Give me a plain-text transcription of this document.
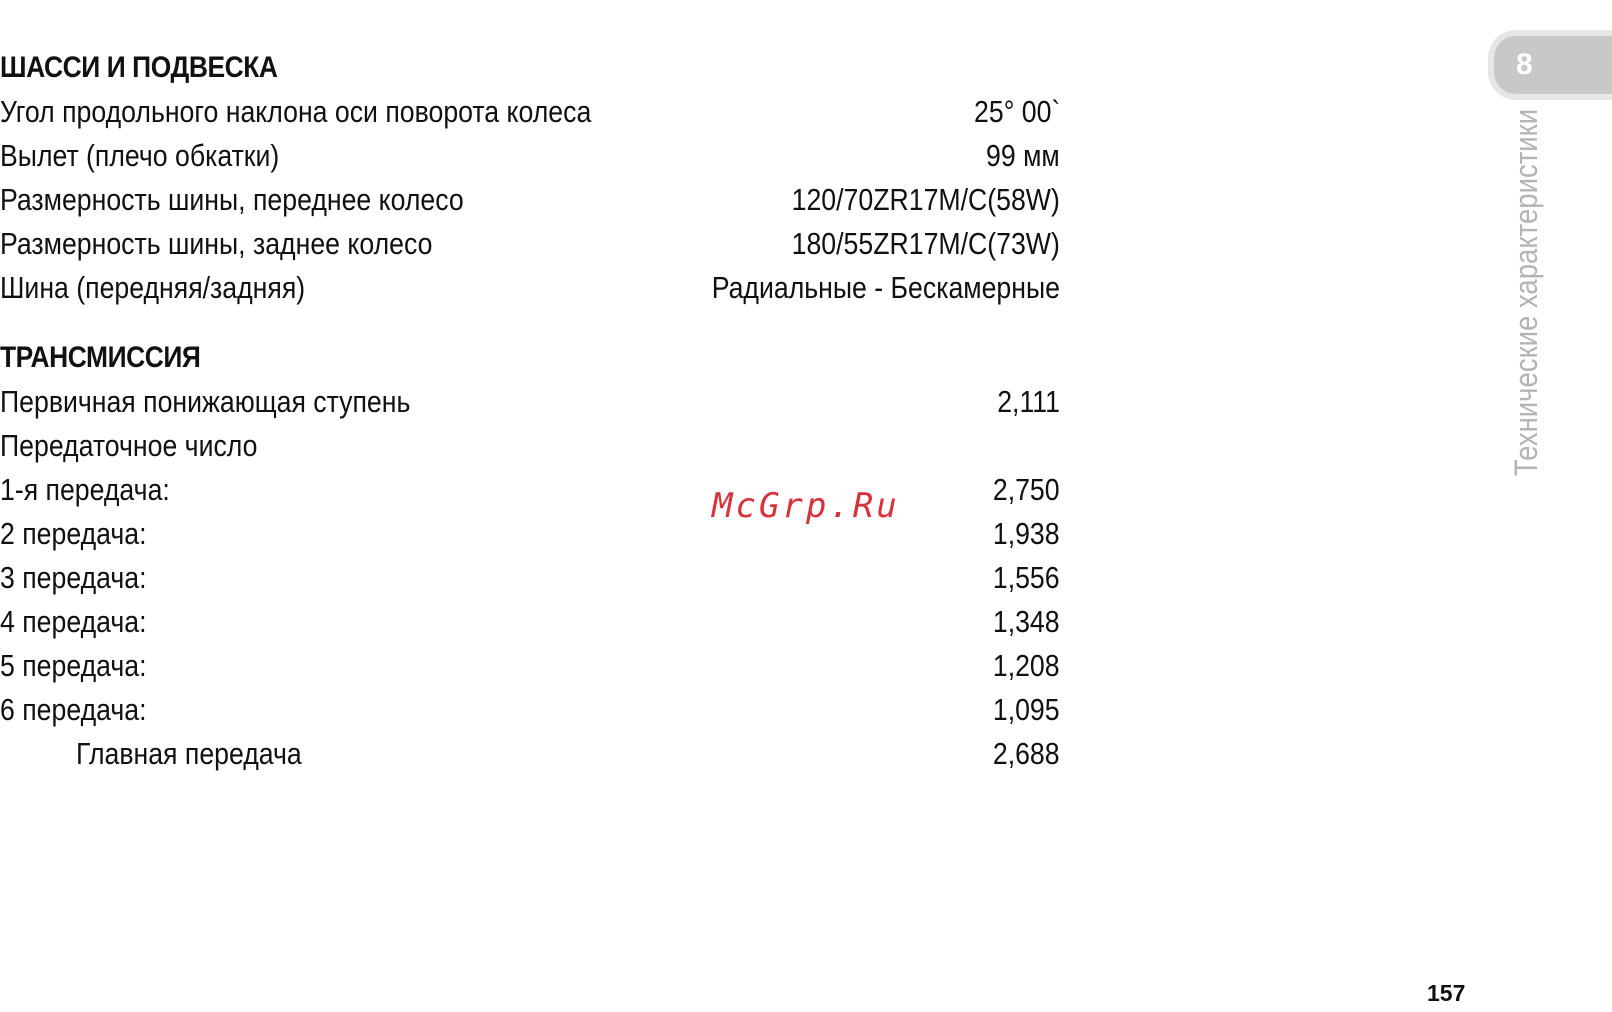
ШАССИ И ПОДВЕСКА
Угол продольного наклона оси поворота колеса	25° 00`
Вылет (плечо обкатки)	99 мм
Размерность шины, переднее колесо	120/70ZR17M/C(58W)
Размерность шины, заднее колесо	180/55ZR17M/C(73W)
Шина (передняя/задняя)	Радиальные - Бескамерные
ТРАНСМИССИЯ
Первичная понижающая ступень	2,111
Передаточное число
1-я передача:	2,750
2 передача:	1,938
3 передача:	1,556
4 передача:	1,348
5 передача:	1,208
6 передача:	1,095
Главная передача	2,688
McGrp.Ru
8
Технические характеристики
157
